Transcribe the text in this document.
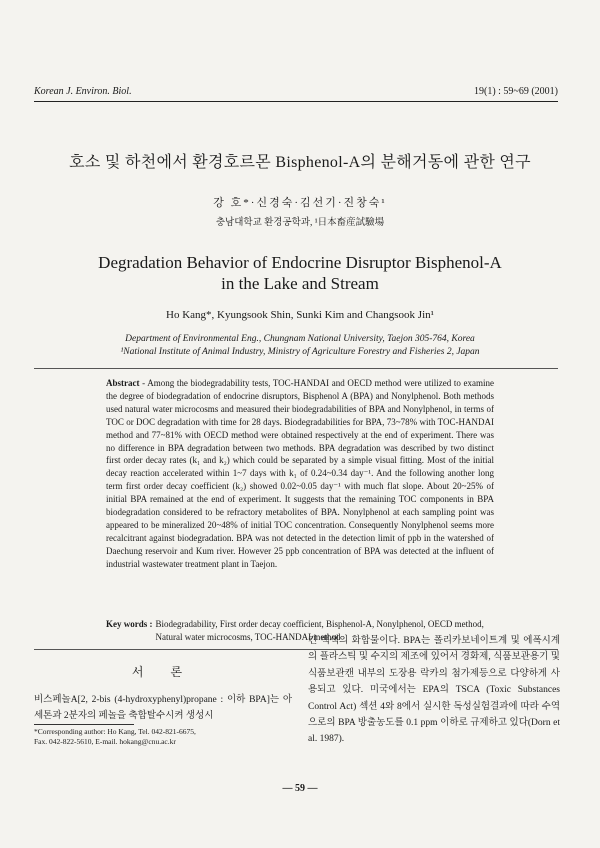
Korean J. Environ. Biol.	19(1) : 59~69 (2001)
호소 및 하천에서 환경호르몬 Bisphenol-A의 분해거동에 관한 연구
강 호*·신경숙·김선기·진창숙¹
충남대학교 환경공학과, ¹日本畜産試驗場
Degradation Behavior of Endocrine Disruptor Bisphenol-A
in the Lake and Stream
Ho Kang*, Kyungsook Shin, Sunki Kim and Changsook Jin¹
Department of Environmental Eng., Chungnam National University, Taejon 305-764, Korea
¹National Institute of Animal Industry, Ministry of Agriculture Forestry and Fisheries 2, Japan
Abstract - Among the biodegradability tests, TOC-HANDAI and OECD method were utilized to examine the degree of biodegradation of endocrine disruptors, Bisphenol A (BPA) and Nonylphenol. Both methods used natural water microcosms and measured their biodegradabilities of BPA and Nonylphenol, in terms of TOC or DOC degradation with time for 28 days. Biodegradabilities for BPA, 73~78% with TOC-HANDAI method and 77~81% with OECD method were obtained respectively at the end of experiment. There was no difference in BPA degradation between two methods. BPA degradation was described by two distinct first order decay rates (k₁ and k₂) which could be separated by a simple visual fitting. Most of the initial decay reaction accelerated within 1~7 days with k₁ of 0.24~0.34 day⁻¹. And the following another long term first order decay coefficient (k₂) showed 0.02~0.05 day⁻¹ with much flat slope. About 20~25% of initial BPA remained at the end of experiment. It suggests that the remaining TOC components in BPA biodegradation considered to be refractory metabolites of BPA. Nonylphenol at each sampling point was appeared to be mineralized 20~48% of initial TOC concentration. Consequently Nonylphenol seems more recalcitrant against biodegradation. BPA was not detected in the detection limit of ppb in the watershed of Daechung reservoir and Kum river. However 25 ppb concentration of BPA was detected at the influent of industrial wastewater treatment plant in Taejon.
Key words : Biodegradability, First order decay coefficient, Bisphenol-A, Nonylphenol, OECD method, Natural water microcosms, TOC-HANDAI method
서 론
비스페놀A[2, 2-bis (4-hydroxyphenyl)propane : 이하 BPA]는 아세톤과 2분자의 페놀을 축합탈수시켜 생성시
*Corresponding author: Ho Kang, Tel. 042-821-6675,
Fax. 042-822-5610, E-mail. hokang@cnu.ac.kr

킨 백색의 화합물이다. BPA는 폴리카보네이트계 및 에폭시계의 플라스틱 및 수지의 제조에 있어서 경화제, 식품보관용기 및 식품보관캔 내부의 도장용 락카의 첨가제등으로 다양하게 사용되고 있다. 미국에서는 EPA의 TSCA (Toxic Substances Control Act) 섹션 4와 8에서 실시한 독성실험결과에 따라 수역으로의 BPA 방출농도를 0.1 ppm 이하로 규제하고 있다(Dorn et al. 1987).

— 59 —
